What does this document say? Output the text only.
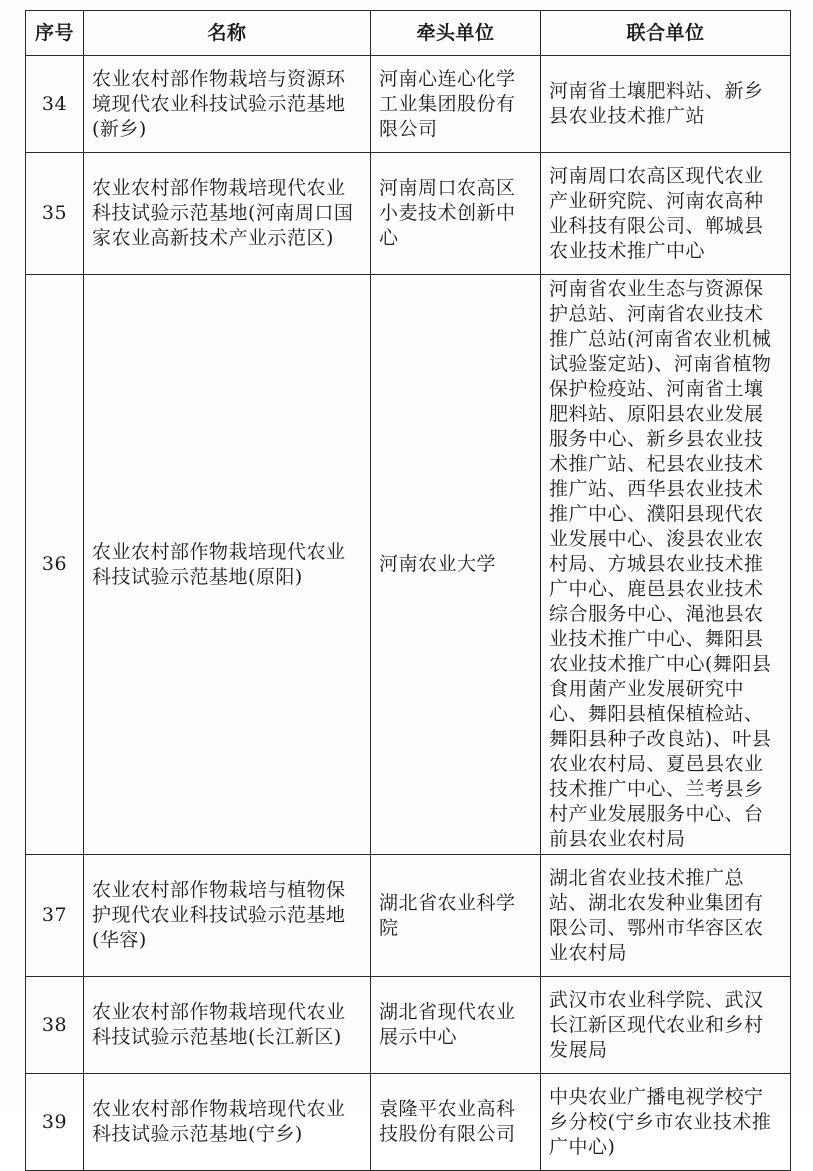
序号	名称	牵头单位	联合单位
34	农业农村部作物栽培与资源环境现代农业科技试验示范基地(新乡)	河南心连心化学工业集团股份有限公司	河南省土壤肥料站、新乡县农业技术推广站
35	农业农村部作物栽培现代农业科技试验示范基地(河南周口国家农业高新技术产业示范区)	河南周口农高区小麦技术创新中心	河南周口农高区现代农业产业研究院、河南农高种业科技有限公司、郸城县农业技术推广中心
36	农业农村部作物栽培现代农业科技试验示范基地(原阳)	河南农业大学	河南省农业生态与资源保护总站、河南省农业技术推广总站(河南省农业机械试验鉴定站)、河南省植物保护检疫站、河南省土壤肥料站、原阳县农业发展服务中心、新乡县农业技术推广站、杞县农业技术推广站、西华县农业技术推广中心、濮阳县现代农业发展中心、浚县农业农村局、方城县农业技术推广中心、鹿邑县农业技术综合服务中心、渑池县农业技术推广中心、舞阳县农业技术推广中心(舞阳县食用菌产业发展研究中心、舞阳县植保植检站、舞阳县种子改良站)、叶县农业农村局、夏邑县农业技术推广中心、兰考县乡村产业发展服务中心、台前县农业农村局
37	农业农村部作物栽培与植物保护现代农业科技试验示范基地(华容)	湖北省农业科学院	湖北省农业技术推广总站、湖北农发种业集团有限公司、鄂州市华容区农业农村局
38	农业农村部作物栽培现代农业科技试验示范基地(长江新区)	湖北省现代农业展示中心	武汉市农业科学院、武汉长江新区现代农业和乡村发展局
39	农业农村部作物栽培现代农业科技试验示范基地(宁乡)	袁隆平农业高科技股份有限公司	中央农业广播电视学校宁乡分校(宁乡市农业技术推广中心)
